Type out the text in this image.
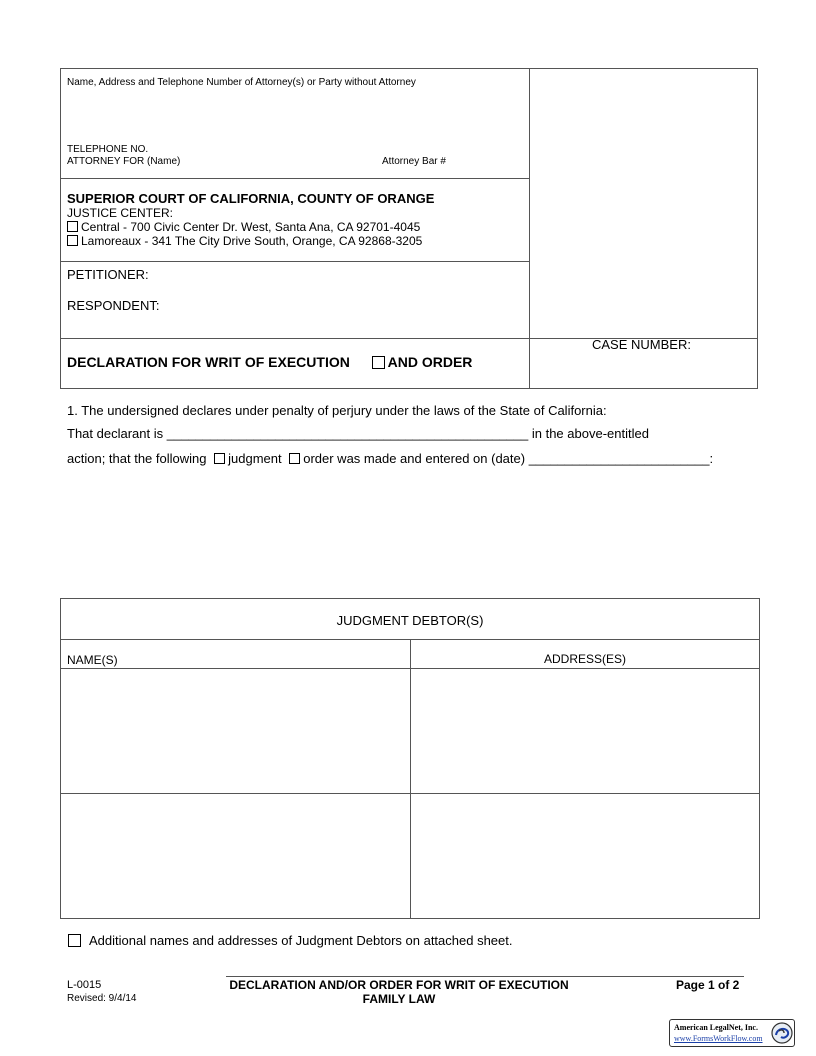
Name, Address and Telephone Number of Attorney(s) or Party without Attorney
TELEPHONE NO.
ATTORNEY FOR (Name)	Attorney Bar #
SUPERIOR COURT OF CALIFORNIA, COUNTY OF ORANGE
JUSTICE CENTER:
Central - 700 Civic Center Dr. West, Santa Ana, CA 92701-4045
Lamoreaux - 341 The City Drive South, Orange, CA 92868-3205
PETITIONER:
RESPONDENT:
DECLARATION FOR WRIT OF EXECUTION	AND ORDER
CASE NUMBER:
1. The undersigned declares under penalty of perjury under the laws of the State of California:
That declarant is __________________________________________________ in the above-entitled
action; that the following judgment order was made and entered on (date) _________________________:
JUDGMENT DEBTOR(S)
NAME(S)	ADDRESS(ES)
Additional names and addresses of Judgment Debtors on attached sheet.
L-0015
Revised: 9/4/14
DECLARATION AND/OR ORDER FOR WRIT OF EXECUTION
FAMILY LAW
Page 1 of 2
American LegalNet, Inc.
www.FormsWorkFlow.com
